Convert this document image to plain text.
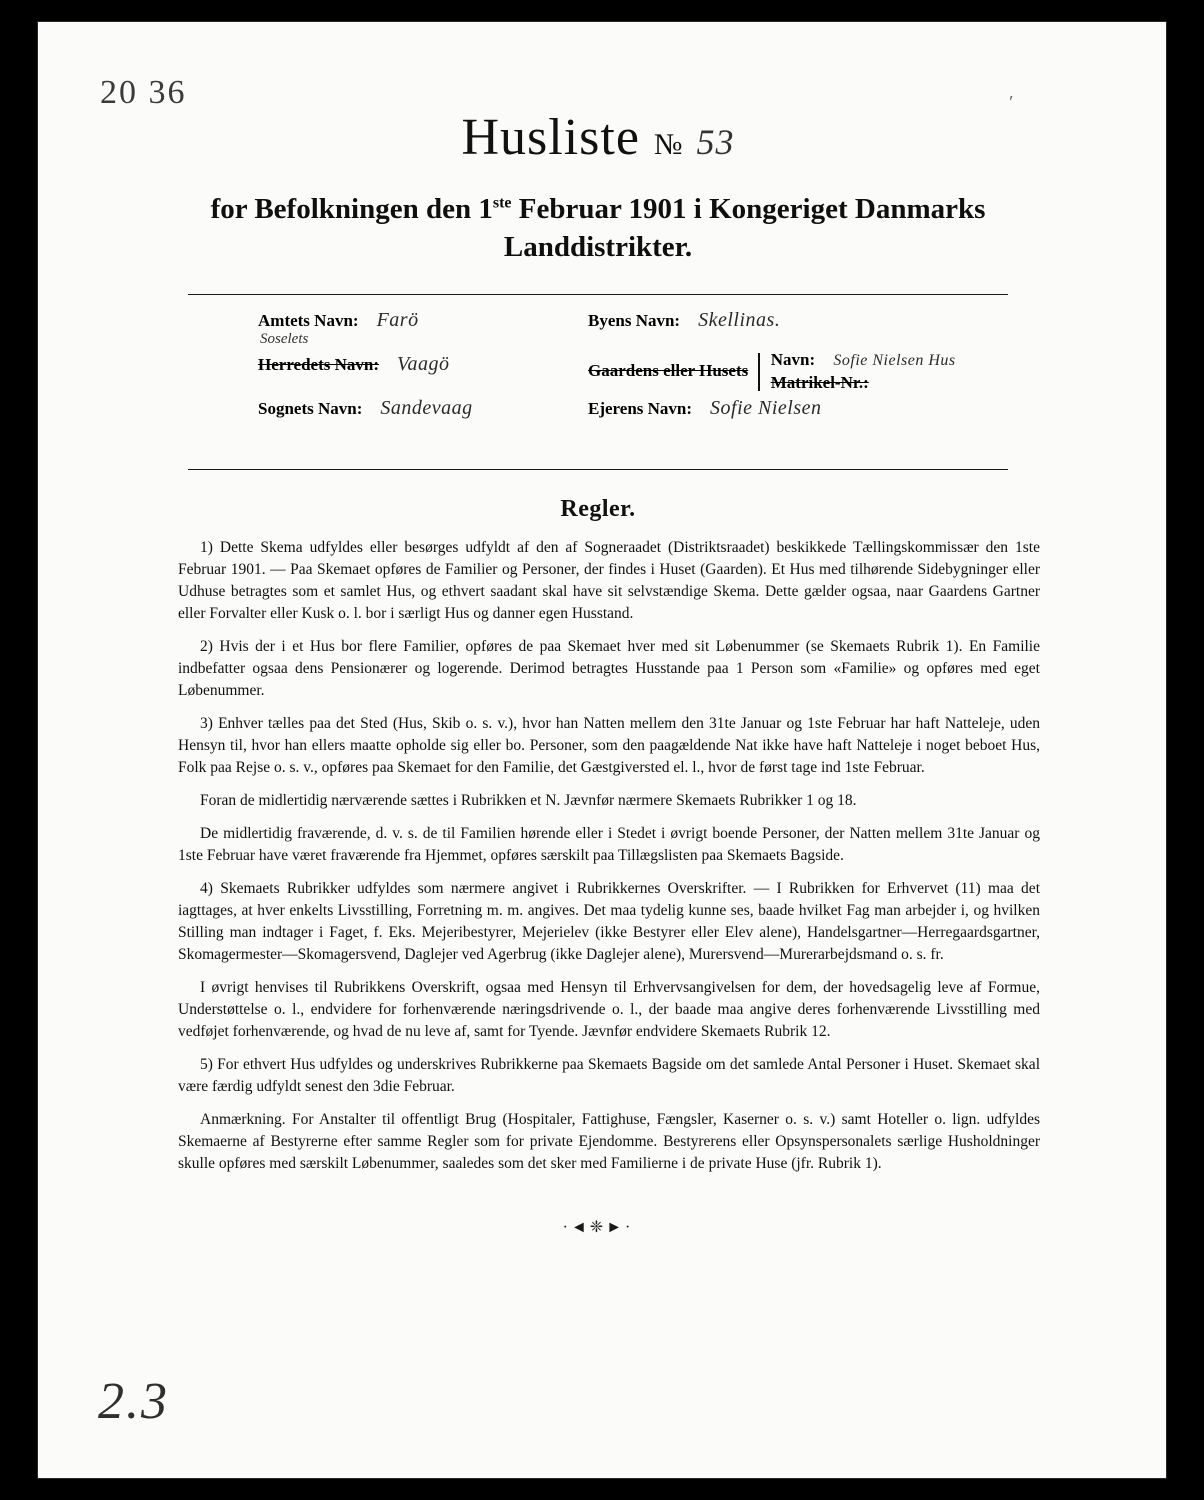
20 36	'
2.3
Husliste № 53
for Befolkningen den 1ste Februar 1901 i Kongeriget Danmarks
Landdistrikter.
Amtets Navn: Farö
Soselets
Herredets Navn: Vaagö
Sognets Navn: Sandevaag
Byens Navn: Skellinas.
Gaardens eller Husets
Navn: Sofie Nielsen Hus
Matrikel-Nr.:
Ejerens Navn: Sofie Nielsen
Regler.

1) Dette Skema udfyldes eller besørges udfyldt af den af Sogneraadet (Distriktsraadet) beskikkede Tællingskommissær den 1ste Februar 1901. — Paa Skemaet opføres de Familier og Personer, der findes i Huset (Gaarden). Et Hus med tilhørende Sidebygninger eller Udhuse betragtes som et samlet Hus, og ethvert saadant skal have sit selvstændige Skema. Dette gælder ogsaa, naar Gaardens Gartner eller Forvalter eller Kusk o. l. bor i særligt Hus og danner egen Husstand.

2) Hvis der i et Hus bor flere Familier, opføres de paa Skemaet hver med sit Løbenummer (se Skemaets Rubrik 1). En Familie indbefatter ogsaa dens Pensionærer og logerende. Derimod betragtes Husstande paa 1 Person som «Familie» og opføres med eget Løbenummer.

3) Enhver tælles paa det Sted (Hus, Skib o. s. v.), hvor han Natten mellem den 31te Januar og 1ste Februar har haft Natteleje, uden Hensyn til, hvor han ellers maatte opholde sig eller bo. Personer, som den paagældende Nat ikke have haft Natteleje i noget beboet Hus, Folk paa Rejse o. s. v., opføres paa Skemaet for den Familie, det Gæstgiversted el. l., hvor de først tage ind 1ste Februar.

Foran de midlertidig nærværende sættes i Rubrikken et N. Jævnfør nærmere Skemaets Rubrikker 1 og 18.

De midlertidig fraværende, d. v. s. de til Familien hørende eller i Stedet i øvrigt boende Personer, der Natten mellem 31te Januar og 1ste Februar have været fraværende fra Hjemmet, opføres særskilt paa Tillægslisten paa Skemaets Bagside.

4) Skemaets Rubrikker udfyldes som nærmere angivet i Rubrikkernes Overskrifter. — I Rubrikken for Erhvervet (11) maa det iagttages, at hver enkelts Livsstilling, Forretning m. m. angives. Det maa tydelig kunne ses, baade hvilket Fag man arbejder i, og hvilken Stilling man indtager i Faget, f. Eks. Mejeribestyrer, Mejerielev (ikke Bestyrer eller Elev alene), Handelsgartner—Herregaardsgartner, Skomagermester—Skomagersvend, Daglejer ved Agerbrug (ikke Daglejer alene), Murersvend—Murerarbejdsmand o. s. fr.

I øvrigt henvises til Rubrikkens Overskrift, ogsaa med Hensyn til Erhvervsangivelsen for dem, der hovedsagelig leve af Formue, Understøttelse o. l., endvidere for forhenværende næringsdrivende o. l., der baade maa angive deres forhenværende Livsstilling med vedføjet forhenværende, og hvad de nu leve af, samt for Tyende. Jævnfør endvidere Skemaets Rubrik 12.

5) For ethvert Hus udfyldes og underskrives Rubrikkerne paa Skemaets Bagside om det samlede Antal Personer i Huset. Skemaet skal være færdig udfyldt senest den 3die Februar.

Anmærkning. For Anstalter til offentligt Brug (Hospitaler, Fattighuse, Fængsler, Kaserner o. s. v.) samt Hoteller o. lign. udfyldes Skemaerne af Bestyrerne efter samme Regler som for private Ejendomme. Bestyrerens eller Opsynspersonalets særlige Husholdninger skulle opføres med særskilt Løbenummer, saaledes som det sker med Familierne i de private Huse (jfr. Rubrik 1).

·◄❈►·
